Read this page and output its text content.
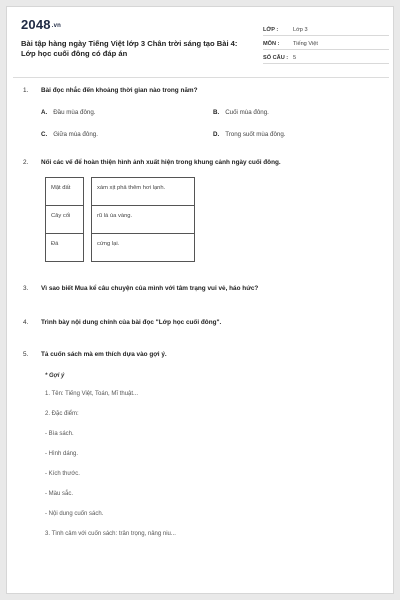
2048.vn
Bài tập hàng ngày Tiếng Việt lớp 3 Chân trời sáng tạo Bài 4: Lớp học cuối đông có đáp án
LỚP :	Lớp 3
MÔN : Tiếng Việt
SỐ CÂU : 5
1. Bài đọc nhắc đến khoảng thời gian nào trong năm?
A. Đầu mùa đông.	B. Cuối mùa đông.
C. Giữa mùa đông.	D. Trong suốt mùa đông.
2. Nối các vế để hoàn thiện hình ảnh xuất hiện trong khung cảnh ngày cuối đông.
Mặt đất		xám xịt phả thêm hơi lạnh.
Cây cối		rũ lá úa vàng.
Đá		cứng lại.
3. Vì sao biết Mua kể câu chuyện của mình với tâm trạng vui vẻ, háo hức?
4. Trình bày nội dung chính của bài đọc "Lớp học cuối đông".
5. Tả cuốn sách mà em thích dựa vào gợi ý.
* Gợi ý
1. Tên: Tiếng Việt, Toán, Mĩ thuật...
2. Đặc điểm:
- Bìa sách.
- Hình dáng.
- Kích thước.
- Màu sắc.
- Nội dung cuốn sách.
3. Tình cảm với cuốn sách: trân trọng, nâng niu...
